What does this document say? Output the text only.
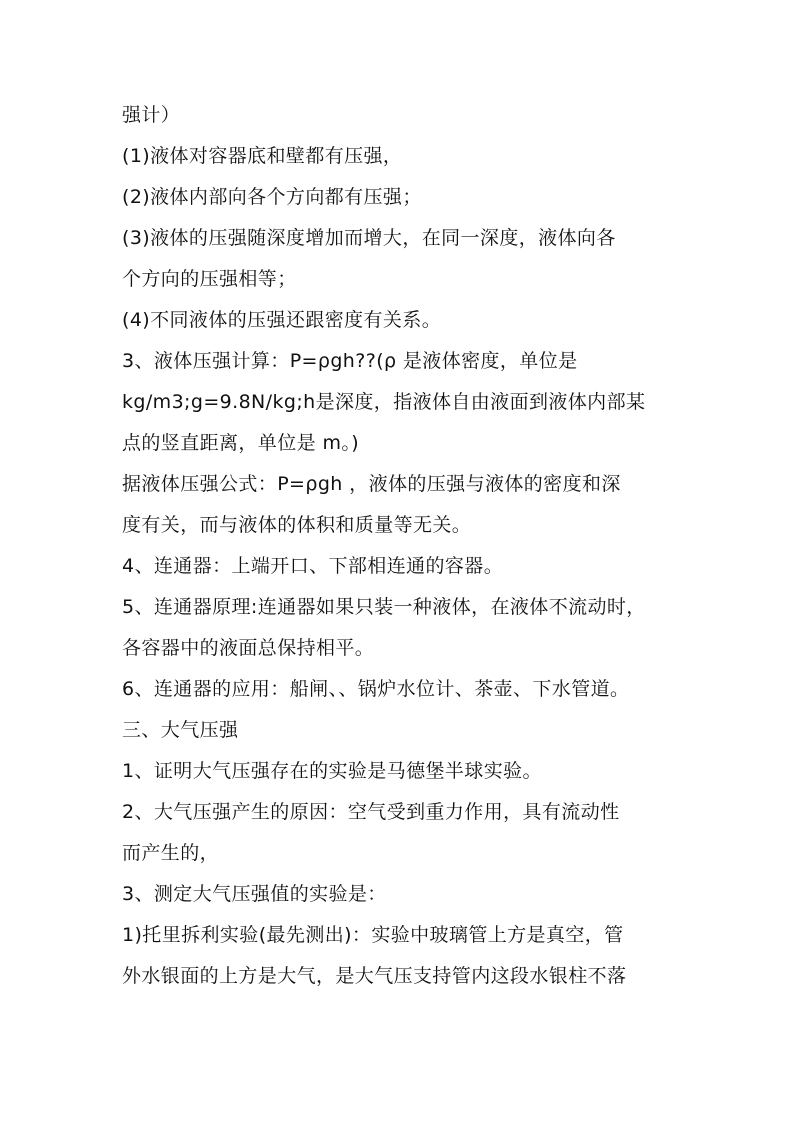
强计）
(1)液体对容器底和壁都有压强，
(2)液体内部向各个方向都有压强；
(3)液体的压强随深度增加而增大，在同一深度，液体向各
个方向的压强相等；
(4)不同液体的压强还跟密度有关系。
3、液体压强计算：P=ρgh??(ρ 是液体密度，单位是
kg/m3;g=9.8N/kg;h是深度，指液体自由液面到液体内部某
点的竖直距离，单位是 m。)
据液体压强公式：P=ρgh ，液体的压强与液体的密度和深
度有关，而与液体的体积和质量等无关。
4、连通器：上端开口、下部相连通的容器。
5、连通器原理:连通器如果只装一种液体，在液体不流动时，
各容器中的液面总保持相平。
6、连通器的应用：船闸、、锅炉水位计、茶壶、下水管道。
三、大气压强
1、证明大气压强存在的实验是马德堡半球实验。
2、大气压强产生的原因：空气受到重力作用，具有流动性
而产生的，
3、测定大气压强值的实验是：
1)托里拆利实验(最先测出)：实验中玻璃管上方是真空，管
外水银面的上方是大气，是大气压支持管内这段水银柱不落
